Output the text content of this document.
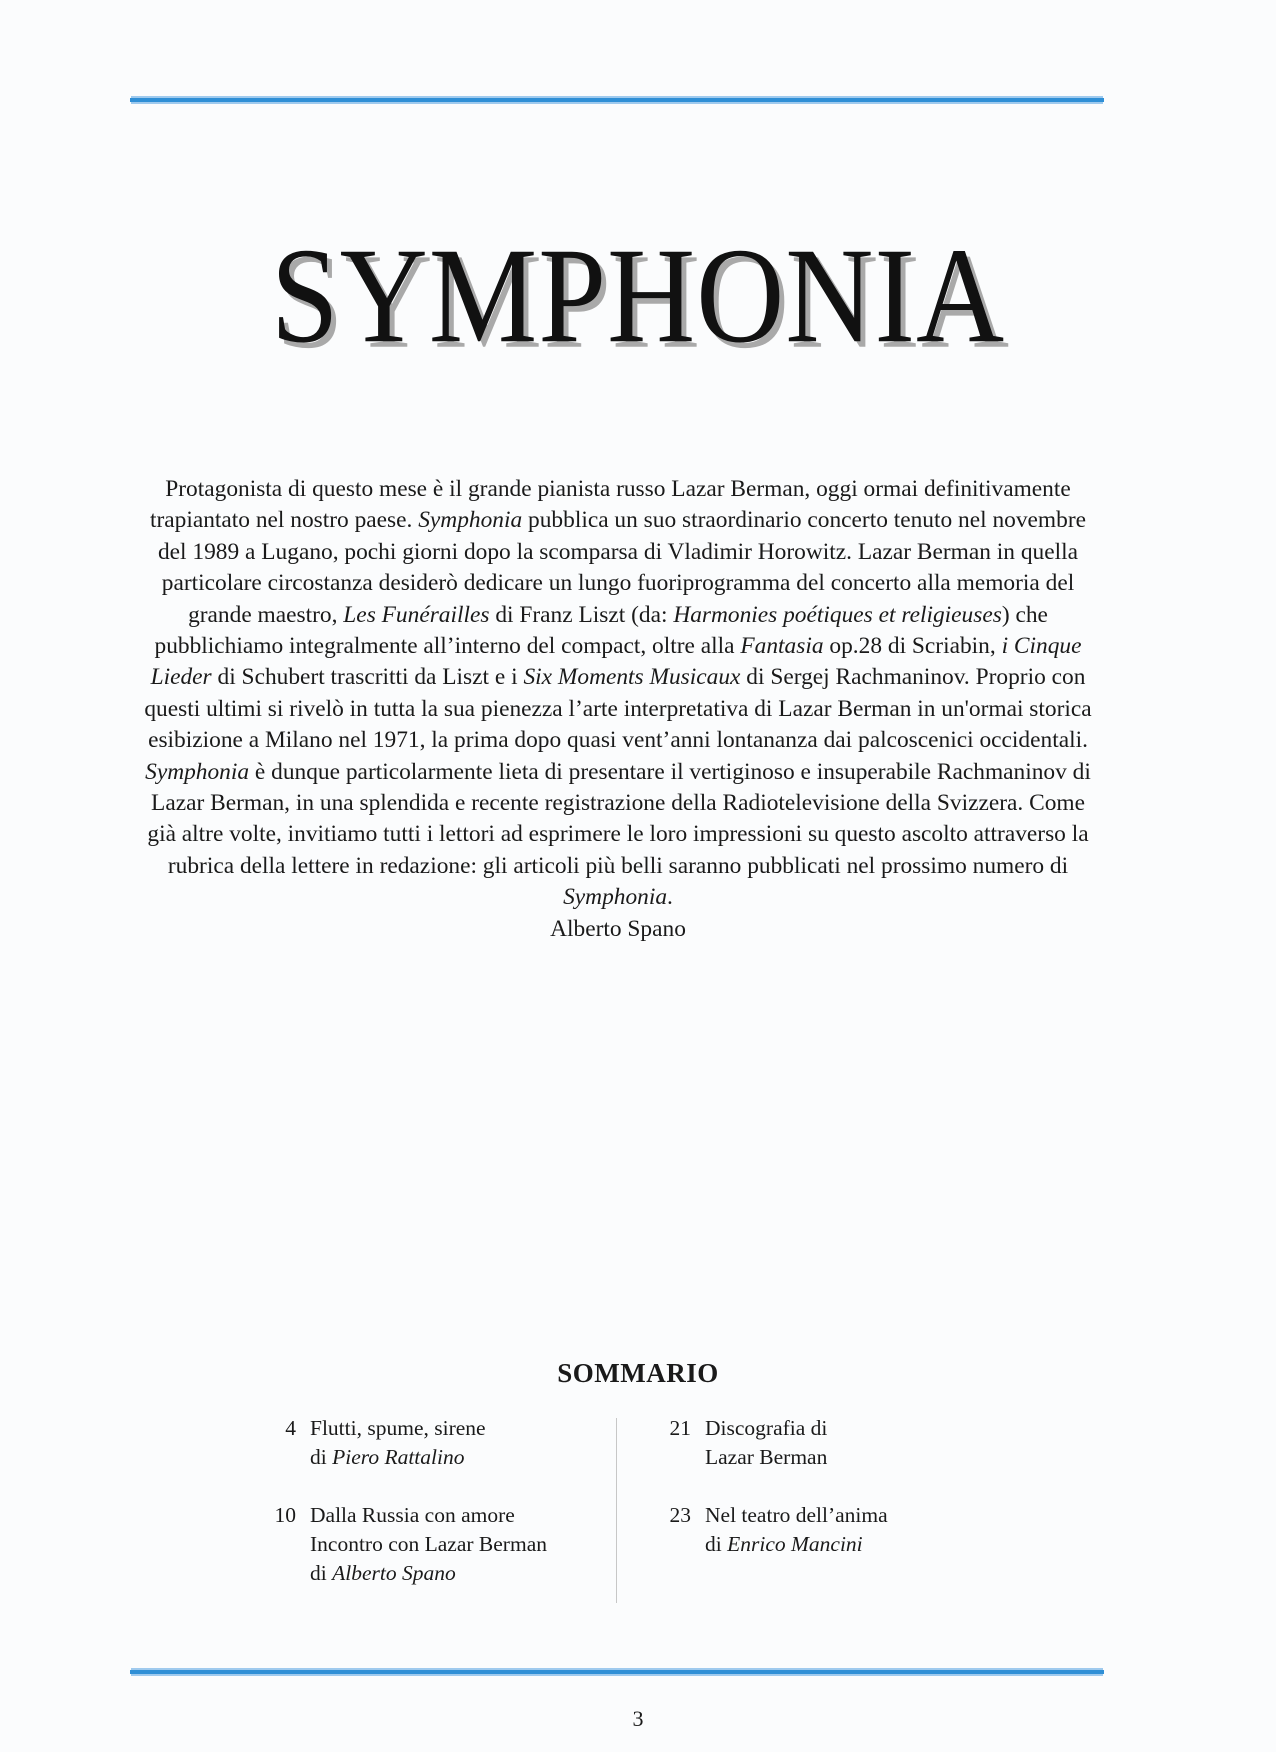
SYMPHONIA

Protagonista di questo mese è il grande pianista russo Lazar Berman, oggi ormai definitivamente trapiantato nel nostro paese. Symphonia pubblica un suo straordinario concerto tenuto nel novembre del 1989 a Lugano, pochi giorni dopo la scomparsa di Vladimir Horowitz. Lazar Berman in quella particolare circostanza desiderò dedicare un lungo fuoriprogramma del concerto alla memoria del grande maestro, Les Funérailles di Franz Liszt (da: Harmonies poétiques et religieuses) che pubblichiamo integralmente all’interno del compact, oltre alla Fantasia op.28 di Scriabin, i Cinque Lieder di Schubert trascritti da Liszt e i Six Moments Musicaux di Sergej Rachmaninov. Proprio con questi ultimi si rivelò in tutta la sua pienezza l’arte interpretativa di Lazar Berman in un'ormai storica esibizione a Milano nel 1971, la prima dopo quasi vent’anni lontananza dai palcoscenici occidentali. Symphonia è dunque particolarmente lieta di presentare il vertiginoso e insuperabile Rachmaninov di Lazar Berman, in una splendida e recente registrazione della Radiotelevisione della Svizzera. Come già altre volte, invitiamo tutti i lettori ad esprimere le loro impressioni su questo ascolto attraverso la rubrica della lettere in redazione: gli articoli più belli saranno pubblicati nel prossimo numero di Symphonia.
Alberto Spano

SOMMARIO
4 Flutti, spume, sirene
di Piero Rattalino
10 Dalla Russia con amore
Incontro con Lazar Berman
di Alberto Spano
21 Discografia di
Lazar Berman
23 Nel teatro dell’anima
di Enrico Mancini
3
